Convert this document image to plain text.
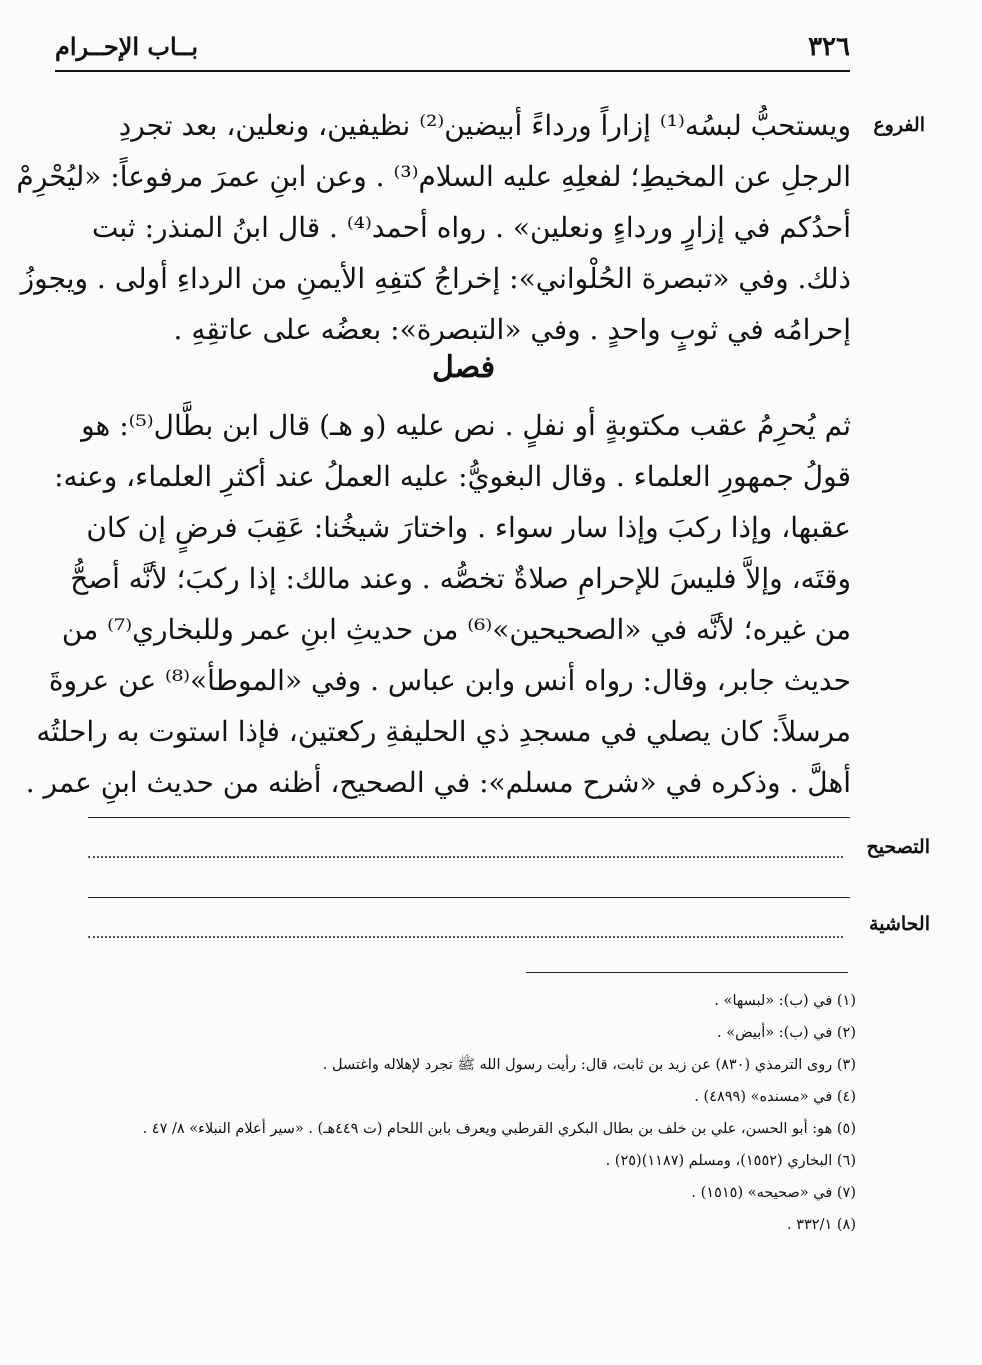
٣٢٦
بــاب الإحــرام
الفروع
التصحيح
الحاشية
ويستحبُّ لبسُه⁽¹⁾ إزاراً ورداءً أبيضين⁽²⁾ نظيفين، ونعلين، بعد تجردِ
الرجلِ عن المخيطِ؛ لفعلِهِ عليه السلام⁽³⁾ . وعن ابنِ عمرَ مرفوعاً: «ليُحْرِمْ
أحدُكم في إزارٍ ورداءٍ ونعلين» . رواه أحمد⁽⁴⁾ . قال ابنُ المنذر: ثبت
ذلك. وفي «تبصرة الحُلْواني»: إخراجُ كتفِهِ الأيمنِ من الرداءِ أولى . ويجوزُ
إحرامُه في ثوبٍ واحدٍ . وفي «التبصرة»: بعضُه على عاتقِهِ .
فصل
ثم يُحرِمُ عقب مكتوبةٍ أو نفلٍ . نص عليه (و هـ) قال ابن بطَّال⁽⁵⁾: هو
قولُ جمهورِ العلماء . وقال البغويُّ: عليه العملُ عند أكثرِ العلماء، وعنه:
عقبها، وإذا ركبَ وإذا سار سواء . واختارَ شيخُنا: عَقِبَ فرضٍ إن كان
وقتَه، وإلاَّ فليسَ للإحرامِ صلاةٌ تخصُّه . وعند مالك: إذا ركبَ؛ لأنَّه أصحُّ
من غيره؛ لأنَّه في «الصحيحين»⁽⁶⁾ من حديثِ ابنِ عمر وللبخاري⁽⁷⁾ من
حديث جابر، وقال: رواه أنس وابن عباس . وفي «الموطأ»⁽⁸⁾ عن عروةَ
مرسلاً: كان يصلي في مسجدِ ذي الحليفةِ ركعتين، فإذا استوت به راحلتُه
أهلَّ . وذكره في «شرح مسلم»: في الصحيح، أظنه من حديث ابنِ عمر .
(١) في (ب): «لبسها» .
(٢) في (ب): «أبيض» .
(٣) روى الترمذي (٨٣٠) عن زيد بن ثابت، قال: رأيت رسول الله ﷺ تجرد لإهلاله واغتسل .
(٤) في «مسنده» (٤٨٩٩) .
(٥) هو: أبو الحسن، علي بن خلف بن بطال البكري القرطبي ويعرف بابن اللحام (ت ٤٤٩هـ) . «سير أعلام النبلاء» ٨/ ٤٧ .
(٦) البخاري (١٥٥٢)، ومسلم (١١٨٧)(٢٥) .
(٧) في «صحيحه» (١٥١٥) .
(٨) ٣٣٢/١ .
